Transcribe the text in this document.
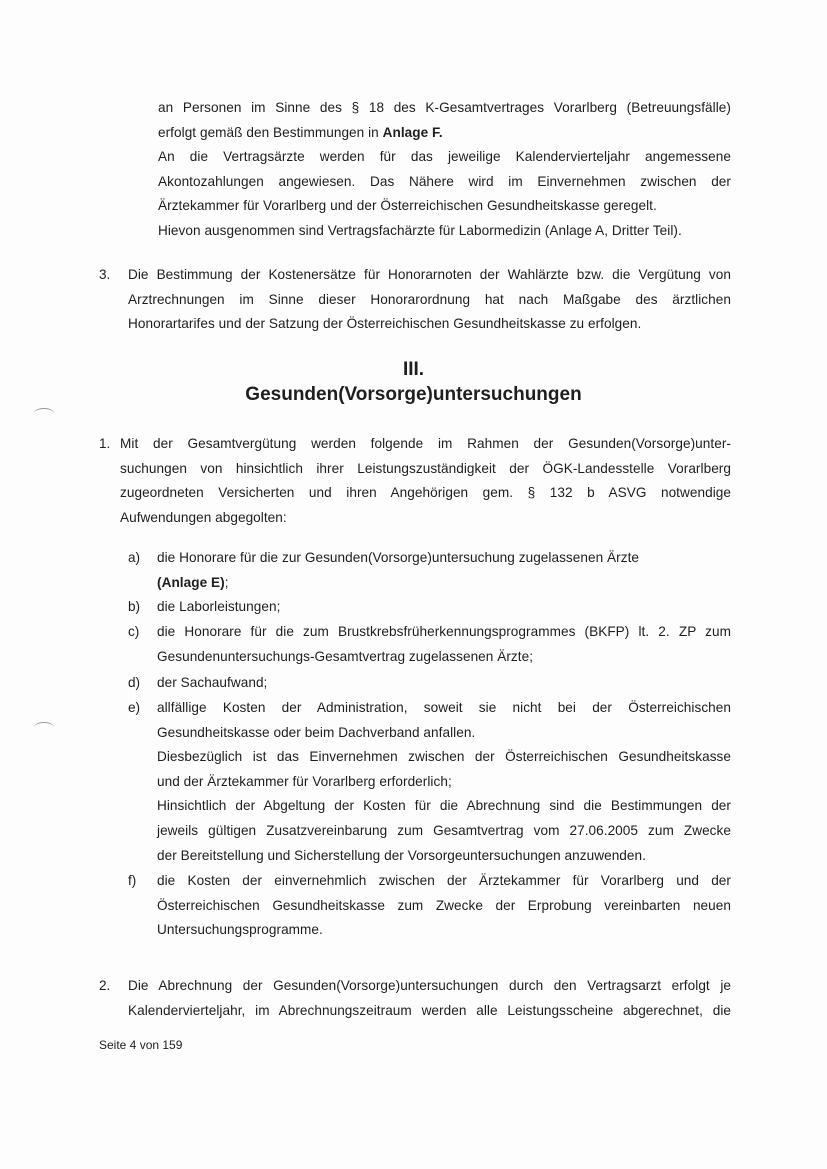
an Personen im Sinne des § 18 des K-Gesamtvertrages Vorarlberg (Betreuungsfälle)

erfolgt gemäß den Bestimmungen in Anlage F.

An die Vertragsärzte werden für das jeweilige Kalendervierteljahr angemessene

Akontozahlungen angewiesen. Das Nähere wird im Einvernehmen zwischen der

Ärztekammer für Vorarlberg und der Österreichischen Gesundheitskasse geregelt.

Hievon ausgenommen sind Vertragsfachärzte für Labormedizin (Anlage A, Dritter Teil).

3. Die Bestimmung der Kostenersätze für Honorarnoten der Wahlärzte bzw. die Vergütung von

Arztrechnungen im Sinne dieser Honorarordnung hat nach Maßgabe des ärztlichen

Honorartarifes und der Satzung der Österreichischen Gesundheitskasse zu erfolgen.

III.
Gesunden(Vorsorge)untersuchungen
1. Mit der Gesamtvergütung werden folgende im Rahmen der Gesunden(Vorsorge)unter-

suchungen von hinsichtlich ihrer Leistungszuständigkeit der ÖGK-Landesstelle Vorarlberg

zugeordneten Versicherten und ihren Angehörigen gem. § 132 b ASVG notwendige

Aufwendungen abgegolten:

a) die Honorare für die zur Gesunden(Vorsorge)untersuchung zugelassenen Ärzte

(Anlage E);

b) die Laborleistungen;

c) die Honorare für die zum Brustkrebsfrüherkennungsprogrammes (BKFP) lt. 2. ZP zum

Gesundenuntersuchungs-Gesamtvertrag zugelassenen Ärzte;

d) der Sachaufwand;

e) allfällige Kosten der Administration, soweit sie nicht bei der Österreichischen

Gesundheitskasse oder beim Dachverband anfallen.

Diesbezüglich ist das Einvernehmen zwischen der Österreichischen Gesundheitskasse

und der Ärztekammer für Vorarlberg erforderlich;

Hinsichtlich der Abgeltung der Kosten für die Abrechnung sind die Bestimmungen der

jeweils gültigen Zusatzvereinbarung zum Gesamtvertrag vom 27.06.2005 zum Zwecke

der Bereitstellung und Sicherstellung der Vorsorgeuntersuchungen anzuwenden.

f) die Kosten der einvernehmlich zwischen der Ärztekammer für Vorarlberg und der

Österreichischen Gesundheitskasse zum Zwecke der Erprobung vereinbarten neuen

Untersuchungsprogramme.

2. Die Abrechnung der Gesunden(Vorsorge)untersuchungen durch den Vertragsarzt erfolgt je

Kalendervierteljahr, im Abrechnungszeitraum werden alle Leistungsscheine abgerechnet, die

Seite 4 von 159
